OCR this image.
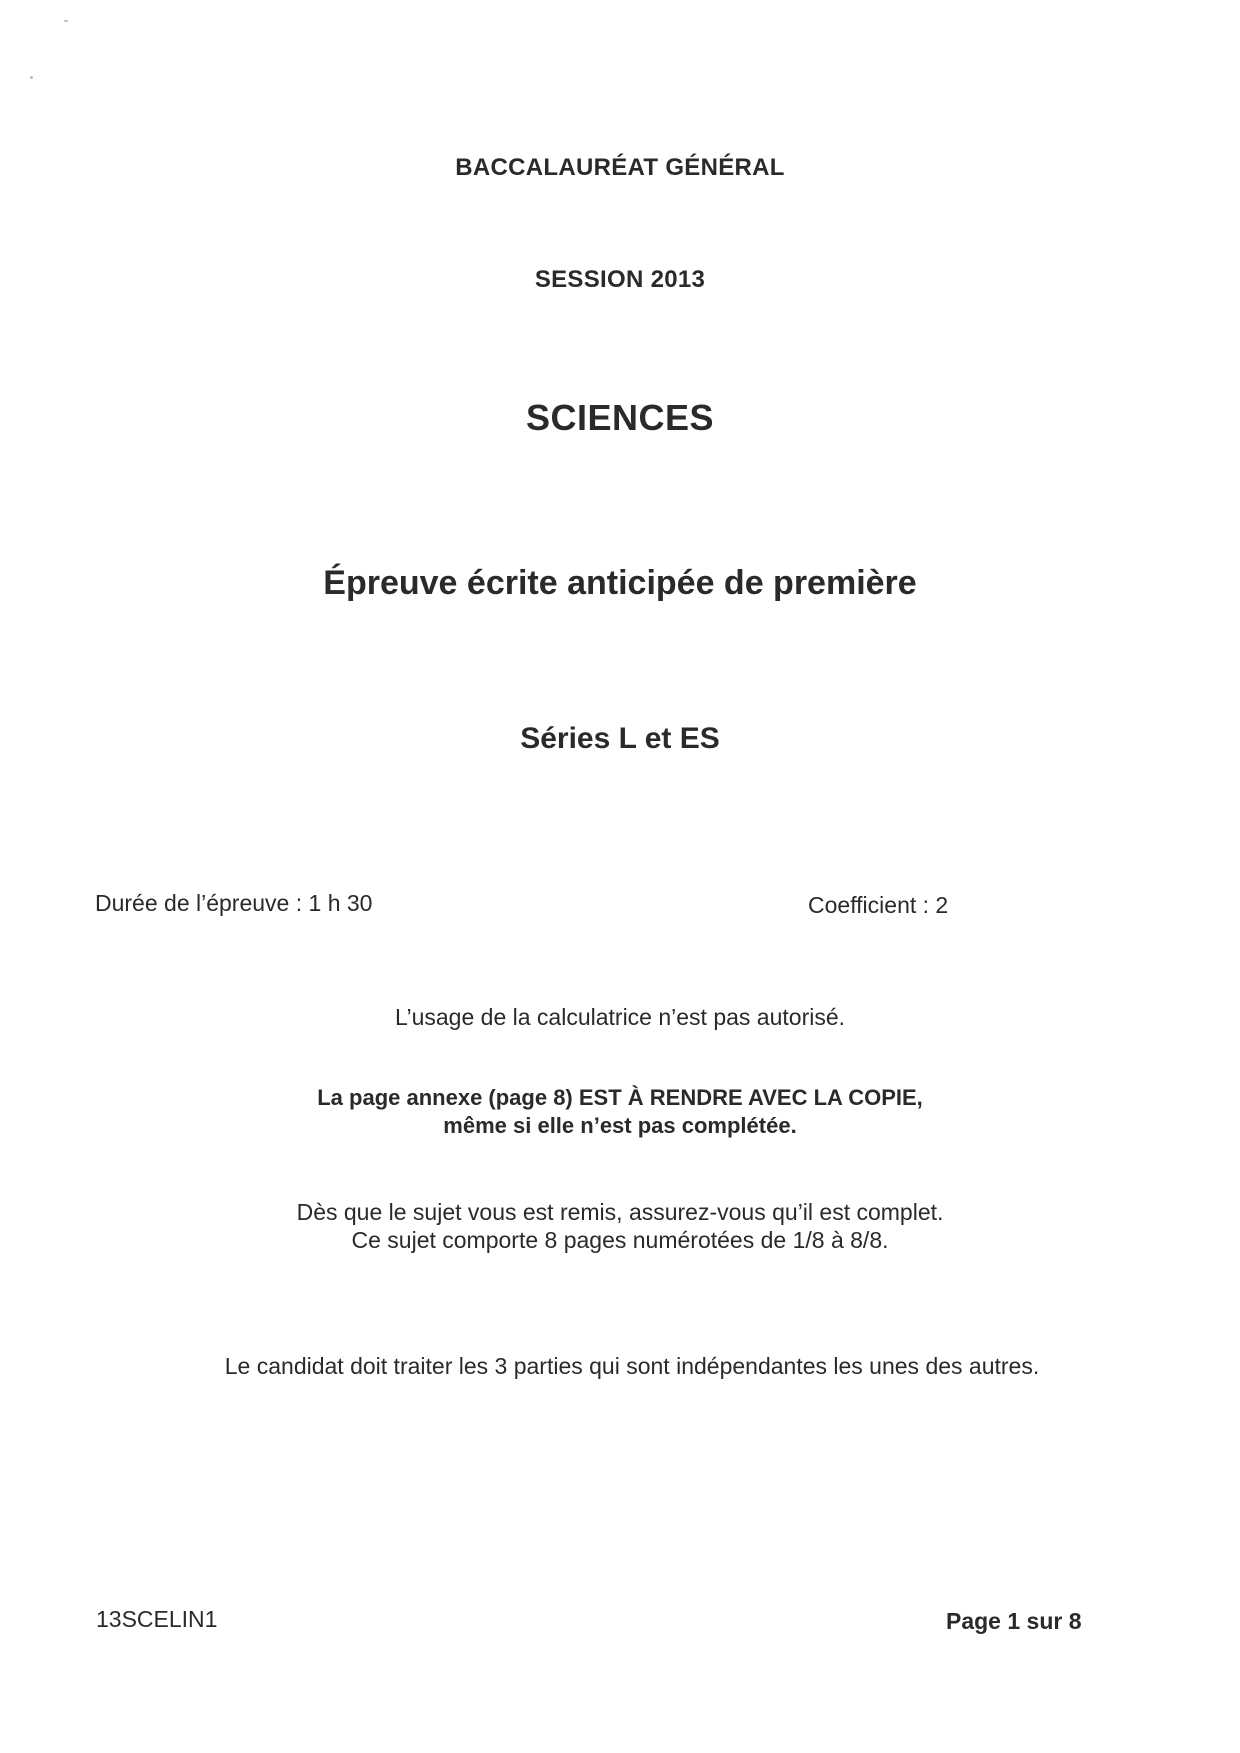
BACCALAURÉAT GÉNÉRAL
SESSION 2013
SCIENCES
Épreuve écrite anticipée de première
Séries L et ES
Durée de l’épreuve : 1 h 30	Coefficient : 2
L’usage de la calculatrice n’est pas autorisé.
La page annexe (page 8) EST À RENDRE AVEC LA COPIE,
même si elle n’est pas complétée.
Dès que le sujet vous est remis, assurez-vous qu’il est complet.
Ce sujet comporte 8 pages numérotées de 1/8 à 8/8.
Le candidat doit traiter les 3 parties qui sont indépendantes les unes des autres.
13SCELIN1	Page 1 sur 8
